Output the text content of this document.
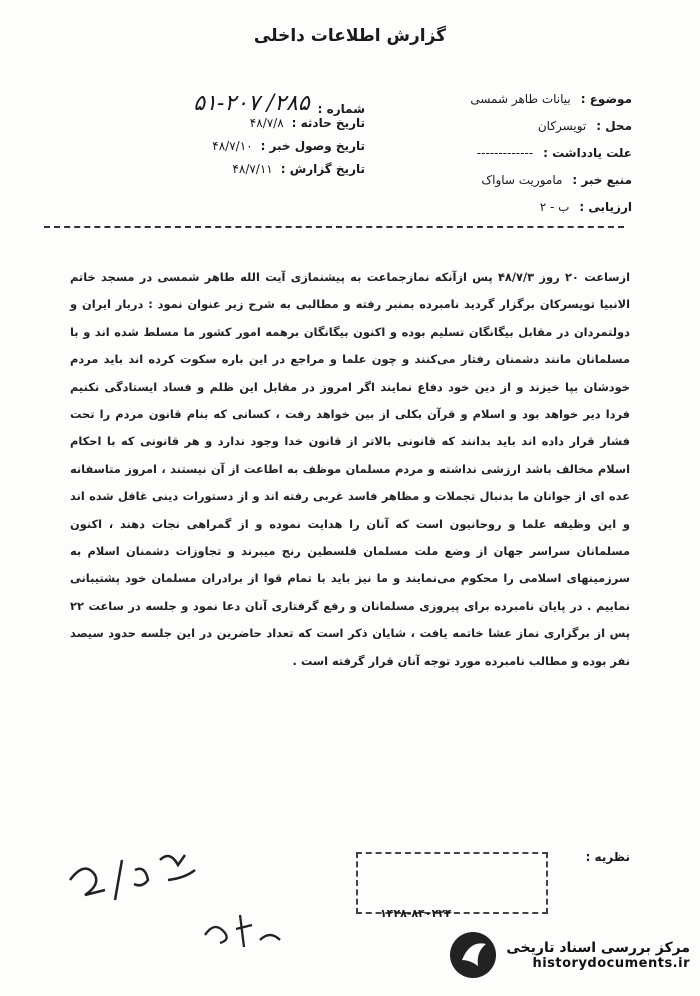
گزارش اطلاعات داخلی
موضوع :
بیانات طاهر شمسی
محل :
تویسرکان
علت یادداشت :
-------------
منبع خبر :
ماموریت ساواک
ارزیابی :
ب - ۲
شماره :
۲۸۵/ ۵۱-۲۰۷
تاریخ حادثه :
۴۸/۷/۸
تاریخ وصول خبر :
۴۸/۷/۱۰
تاریخ گزارش :
۴۸/۷/۱۱

ازساعت ۲۰ روز ۴۸/۷/۳ پس ازآنکه نمازجماعت به پیشنمازی آیت الله طاهر شمسی در مسجد خاتم الانبیا تویسرکان برگزار گردید نامبرده بمنبر رفته و مطالبی به شرح زیر عنوان نمود : دربار ایران و دولتمردان در مقابل بیگانگان تسلیم بوده و اکنون بیگانگان برهمه امور کشور ما مسلط شده اند و با مسلمانان مانند دشمنان رفتار می‌کنند و چون علما و مراجع در این باره سکوت کرده اند باید مردم خودشان بپا خیزند و از دین خود دفاع نمایند اگر امروز در مقابل این ظلم و فساد ایستادگی نکنیم فردا دیر خواهد بود و اسلام و قرآن بکلی از بین خواهد رفت ، کسانی که بنام قانون مردم را تحت فشار قرار داده اند باید بدانند که قانونی بالاتر از قانون خدا وجود ندارد و هر قانونی که با احکام اسلام مخالف باشد ارزشی نداشته و مردم مسلمان موظف به اطاعت از آن نیستند ، امروز متاسفانه عده ای از جوانان ما بدنبال تجملات و مظاهر فاسد غربی رفته اند و از دستورات دینی غافل شده اند و این وظیفه علما و روحانیون است که آنان را هدایت نموده و از گمراهی نجات دهند ، اکنون مسلمانان سراسر جهان از وضع ملت مسلمان فلسطین رنج میبرند و تجاوزات دشمنان اسلام به سرزمینهای اسلامی را محکوم می‌نمایند و ما نیز باید با تمام قوا از برادران مسلمان خود پشتیبانی نماییم . در پایان نامبرده برای پیروزی مسلمانان و رفع گرفتاری آنان دعا نمود و جلسه در ساعت ۲۲ پس از برگزاری نماز عشا خاتمه یافت ، شایان ذکر است که تعداد حاضرین در این جلسه حدود سیصد نفر بوده و مطالب نامبرده مورد توجه آنان قرار گرفته است .

نظریه :
۱۴۲۸-۸۴۰۲۲۴
مرکز بررسی اسناد تاریخی
historydocuments.ir
